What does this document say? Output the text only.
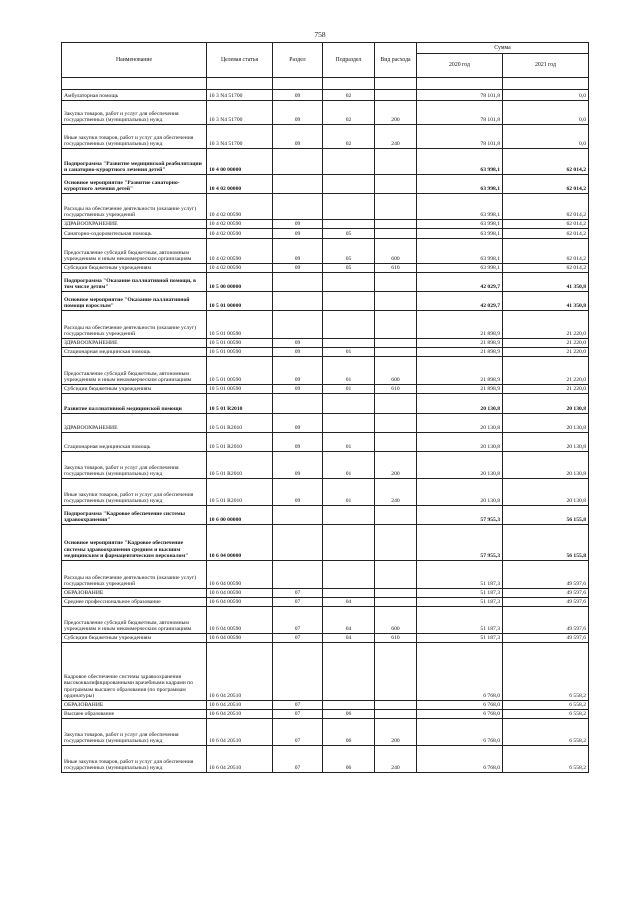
758
Наименование	Целевая статья	Раздел	Подраздел	Вид расхода	Сумма	
					2020 год	2021 год

Амбулаторная помощь	10 3 N4 51700	09	02		78 101,8	0,0
Закупка товаров, работ и услуг для обеспечения государственных (муниципальных) нужд	10 3 N4 51700	09	02	200	78 101,8	0,0
Иные закупки товаров, работ и услуг для обеспечения государственных (муниципальных) нужд	10 3 N4 51700	09	02	240	78 101,8	0,0
Подпрограмма "Развитие медицинской реабилитации и санаторно-курортного лечения детей"	10 4 00 00000				63 998,1	62 014,2
Основное мероприятие "Развитие санаторно-курортного лечения детей"	10 4 02 00000				63 998,1	62 014,2
Расходы на обеспечение деятельности (оказание услуг) государственных учреждений	10 4 02 00590				63 998,1	62 014,2
ЗДРАВООХРАНЕНИЕ	10 4 02 00590	09			63 998,1	62 014,2
Санаторно-оздоровительная помощь	10 4 02 00590	09	05		63 998,1	62 014,2
Предоставление субсидий бюджетным, автономным учреждениям и иным некоммерческим организациям	10 4 02 00590	09	05	600	63 998,1	62 014,2
Субсидии бюджетным учреждениям	10 4 02 00590	09	05	610	63 998,1	62 014,2
Подпрограмма "Оказание паллиативной помощи, в том числе детям"	10 5 00 00000				42 029,7	41 350,8
Основное мероприятие "Оказание паллиативной помощи взрослым"	10 5 01 00000				42 029,7	41 350,8
Расходы на обеспечение деятельности (оказание услуг) государственных учреждений	10 5 01 00590				21 898,9	21 220,0
ЗДРАВООХРАНЕНИЕ	10 5 01 00590	09			21 898,9	21 220,0
Стационарная медицинская помощь	10 5 01 00590	09	01		21 898,9	21 220,0
Предоставление субсидий бюджетным, автономным учреждениям и иным некоммерческим организациям	10 5 01 00590	09	01	600	21 898,9	21 220,0
Субсидии бюджетным учреждениям	10 5 01 00590	09	01	610	21 898,9	21 220,0
Развитие паллиативной медицинской помощи	10 5 01 R2010				20 130,8	20 130,8
ЗДРАВООХРАНЕНИЕ	10 5 01 R2010	09			20 130,8	20 130,8
Стационарная медицинская помощь	10 5 01 R2010	09	01		20 130,8	20 130,8
Закупка товаров, работ и услуг для обеспечения государственных (муниципальных) нужд	10 5 01 R2010	09	01	200	20 130,8	20 130,8
Иные закупки товаров, работ и услуг для обеспечения государственных (муниципальных) нужд	10 5 01 R2010	09	01	240	20 130,8	20 130,8
Подпрограмма "Кадровое обеспечение системы здравоохранения"	10 6 00 00000				57 955,3	56 155,8
Основное мероприятие "Кадровое обеспечение системы здравоохранения средним и высшим медицинским и фармацевтическим персоналом"	10 6 04 00000				57 955,3	56 155,8
Расходы на обеспечение деятельности (оказание услуг) государственных учреждений	10 6 04 00590				51 187,3	49 597,6
ОБРАЗОВАНИЕ	10 6 04 00590	07			51 187,3	49 597,6
Среднее профессиональное образование	10 6 04 00590	07	04		51 187,3	49 597,6
Предоставление субсидий бюджетным, автономным учреждениям и иным некоммерческим организациям	10 6 04 00590	07	04	600	51 187,3	49 597,6
Субсидии бюджетным учреждениям	10 6 04 00590	07	04	610	51 187,3	49 597,6
Кадровое обеспечение системы здравоохранения высококвалифицированными врачебными кадрами по программам высшего образования (по программам ординатуры)	10 6 04 20510				6 768,0	6 558,2
ОБРАЗОВАНИЕ	10 6 04 20510	07			6 768,0	6 558,2
Высшее образование	10 6 04 20510	07	06		6 768,0	6 558,2
Закупка товаров, работ и услуг для обеспечения государственных (муниципальных) нужд	10 6 04 20510	07	06	200	6 768,0	6 558,2
Иные закупки товаров, работ и услуг для обеспечения государственных (муниципальных) нужд	10 6 04 20510	07	06	240	6 768,0	6 558,2
